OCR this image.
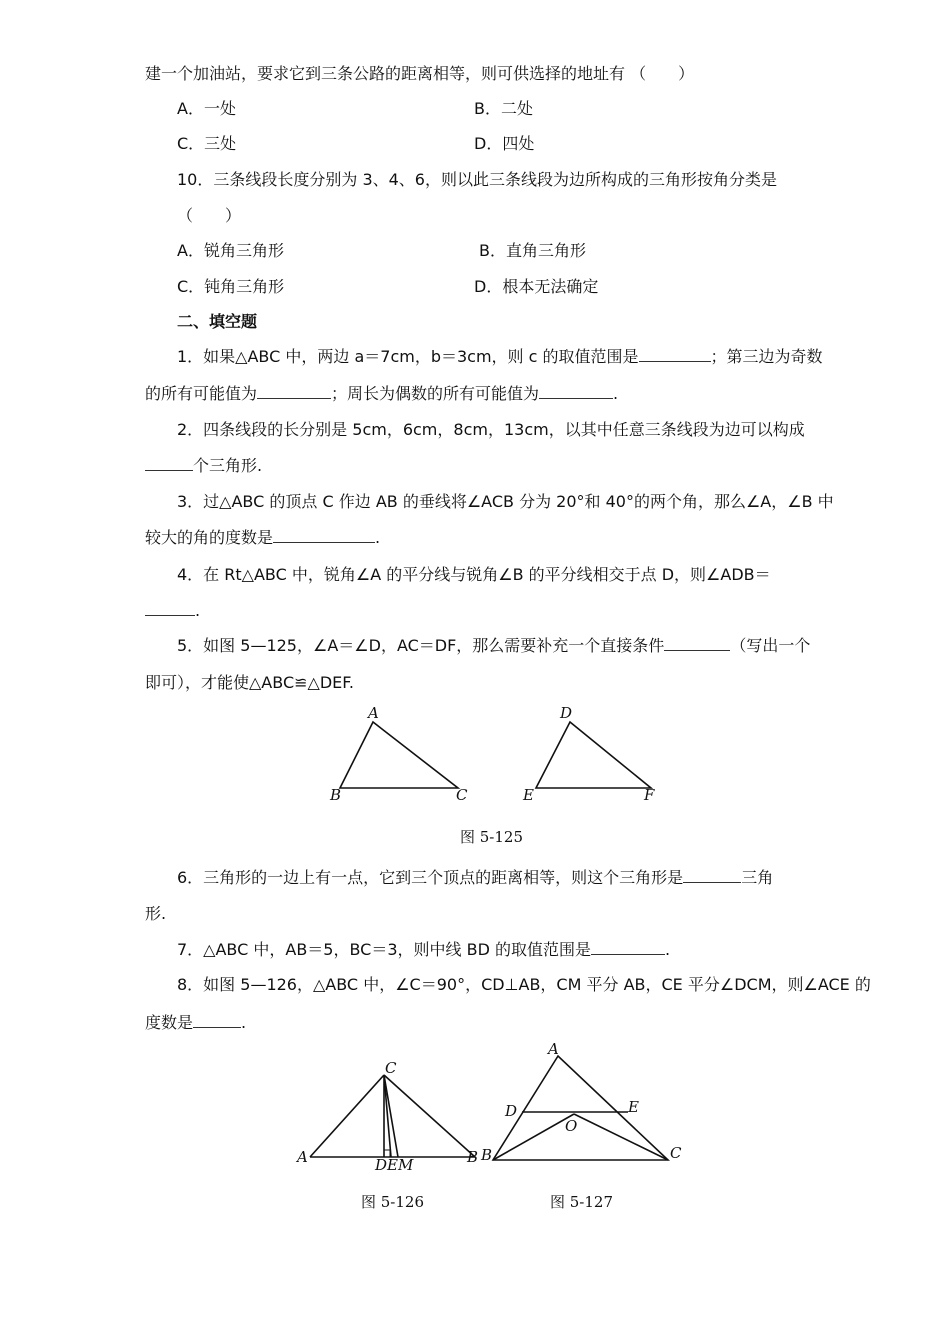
建一个加油站，要求它到三条公路的距离相等，则可供选择的地址有 （　　）
A．一处	B．二处
C．三处	D．四处
10．三条线段长度分别为 3、4、6，则以此三条线段为边所构成的三角形按角分类是
（　　）
A．锐角三角形	B．直角三角形
C．钝角三角形	D．根本无法确定
二、填空题
1．如果△ABC 中，两边 a＝7cm，b＝3cm，则 c 的取值范围是	；第三边为奇数
的所有可能值为	；周长为偶数的所有可能值为	.
2．四条线段的长分别是 5cm，6cm，8cm，13cm，以其中任意三条线段为边可以构成
个三角形.
3．过△ABC 的顶点 C 作边 AB 的垂线将∠ACB 分为 20°和 40°的两个角，那么∠A，∠B 中
较大的角的度数是	.
4．在 Rt△ABC 中，锐角∠A 的平分线与锐角∠B 的平分线相交于点 D，则∠ADB＝
.
5．如图 5—125，∠A＝∠D，AC＝DF，那么需要补充一个直接条件	（写出一个
即可），才能使△ABC≌△DEF.
A
B	C
D
E	F
图 5-125
6．三角形的一边上有一点，它到三个顶点的距离相等，则这个三角形是	三角
形.
7．△ABC 中，AB＝5，BC＝3，则中线 BD 的取值范围是	.
8．如图 5—126，△ABC 中，∠C＝90°，CD⊥AB，CM 平分 AB，CE 平分∠DCM，则∠ACE 的
度数是	.
C
A	B
DEM
图 5-126
A
D	E
O
B	C
图 5-127
